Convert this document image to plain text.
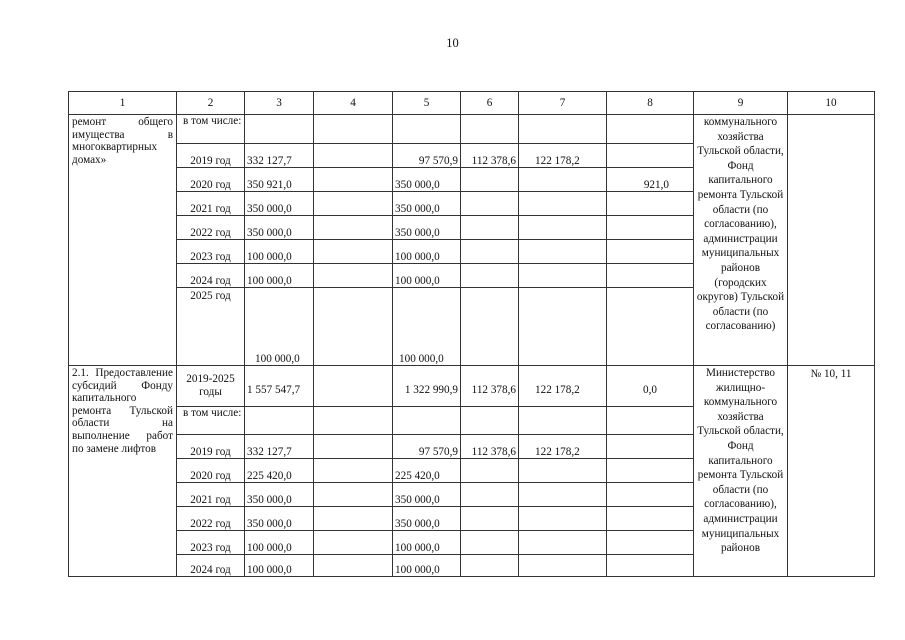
10
1	2	3	4	5	6	7	8	9	10
ремонт общего имущества в многоквартирных домах»	в том числе:							коммунального хозяйства Тульской области, Фонд капитального ремонта Тульской области (по согласованию), администрации муниципальных районов (городских округов) Тульской области (по согласованию)	
	2019 год	332 127,7		97 570,9	112 378,6	122 178,2			
	2020 год	350 921,0		350 000,0			921,0		
	2021 год	350 000,0		350 000,0					
	2022 год	350 000,0		350 000,0					
	2023 год	100 000,0		100 000,0					
	2024 год	100 000,0		100 000,0					
	2025 год	100 000,0		100 000,0					
2.1. Предоставление субсидий Фонду капитального ремонта Тульской области на выполнение работ по замене лифтов	2019-2025 годы	1 557 547,7		1 322 990,9	112 378,6	122 178,2	0,0	Министерство жилищно-коммунального хозяйства Тульской области, Фонд капитального ремонта Тульской области (по согласованию), администрации муниципальных районов	№ 10, 11

	в том числе:								

	2019 год	332 127,7		97 570,9	112 378,6	122 178,2			
	2020 год	225 420,0		225 420,0					
	2021 год	350 000,0		350 000,0					
	2022 год	350 000,0		350 000,0					
	2023 год	100 000,0		100 000,0					
	2024 год	100 000,0		100 000,0					
